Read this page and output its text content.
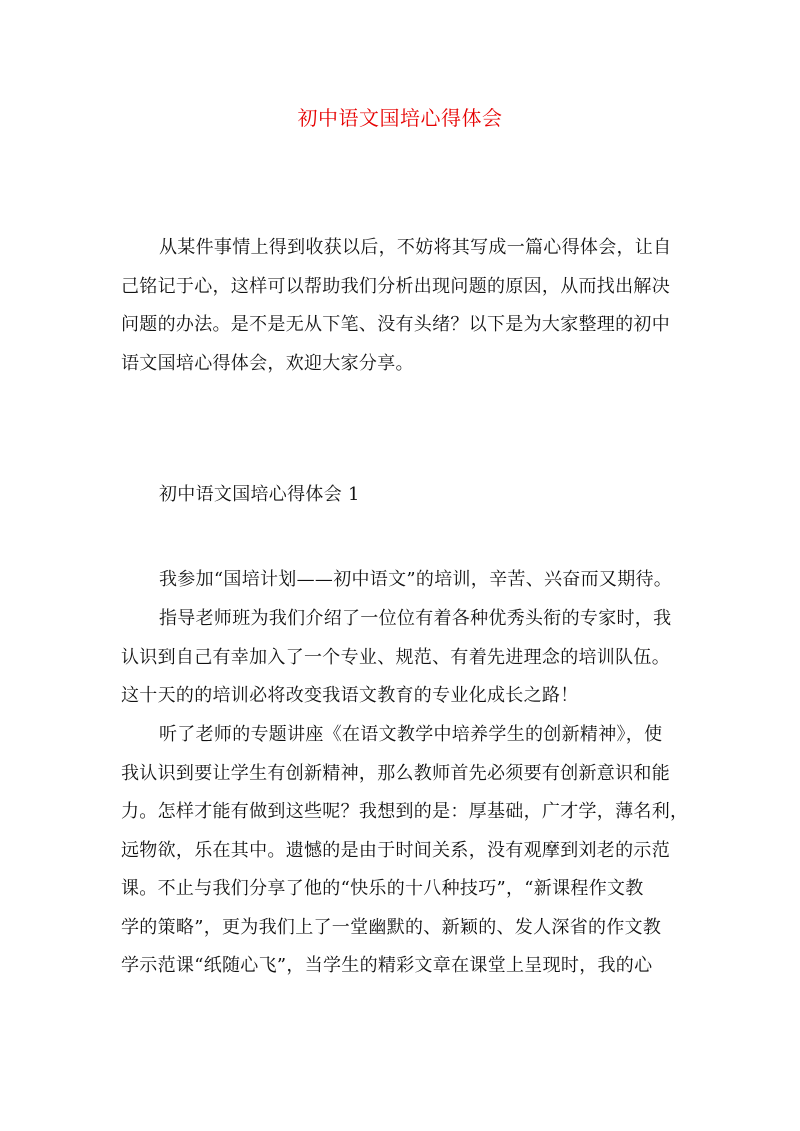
初中语文国培心得体会
从某件事情上得到收获以后，不妨将其写成一篇心得体会，让自
己铭记于心，这样可以帮助我们分析出现问题的原因，从而找出解决
问题的办法。是不是无从下笔、没有头绪？以下是为大家整理的初中
语文国培心得体会，欢迎大家分享。
初中语文国培心得体会 1
我参加“国培计划——初中语文”的培训，辛苦、兴奋而又期待。
指导老师班为我们介绍了一位位有着各种优秀头衔的专家时，我
认识到自己有幸加入了一个专业、规范、有着先进理念的培训队伍。
这十天的的培训必将改变我语文教育的专业化成长之路！
听了老师的专题讲座《在语文教学中培养学生的创新精神》，使
我认识到要让学生有创新精神，那么教师首先必须要有创新意识和能
力。怎样才能有做到这些呢？我想到的是：厚基础，广才学，薄名利，
远物欲，乐在其中。遗憾的是由于时间关系，没有观摩到刘老的示范
课。不止与我们分享了他的“快乐的十八种技巧”，“新课程作文教
学的策略”，更为我们上了一堂幽默的、新颖的、发人深省的作文教
学示范课“纸随心飞”，当学生的精彩文章在课堂上呈现时，我的心
